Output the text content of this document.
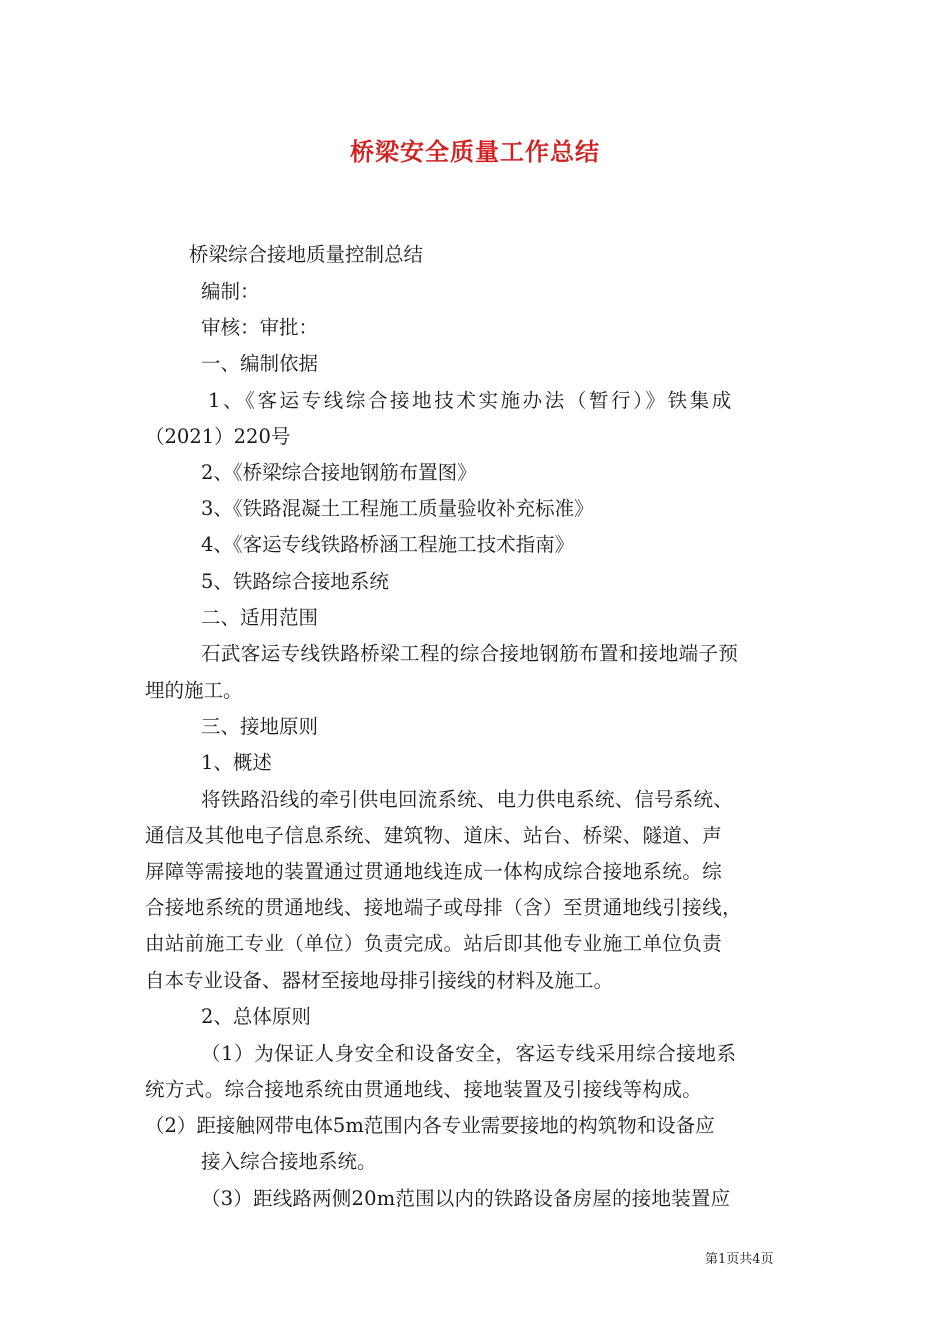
桥梁安全质量工作总结
桥梁综合接地质量控制总结
编制：
审核：审批：
一、编制依据
1、《客运专线综合接地技术实施办法（暂行）》铁集成
（2021）220号
2、《桥梁综合接地钢筋布置图》
3、《铁路混凝土工程施工质量验收补充标准》
4、《客运专线铁路桥涵工程施工技术指南》
5、铁路综合接地系统
二、适用范围
石武客运专线铁路桥梁工程的综合接地钢筋布置和接地端子预
埋的施工。
三、接地原则
1、概述
将铁路沿线的牵引供电回流系统、电力供电系统、信号系统、
通信及其他电子信息系统、建筑物、道床、站台、桥梁、隧道、声
屏障等需接地的装置通过贯通地线连成一体构成综合接地系统。综
合接地系统的贯通地线、接地端子或母排（含）至贯通地线引接线，
由站前施工专业（单位）负责完成。站后即其他专业施工单位负责
自本专业设备、器材至接地母排引接线的材料及施工。
2、总体原则
（1）为保证人身安全和设备安全，客运专线采用综合接地系
统方式。综合接地系统由贯通地线、接地装置及引接线等构成。
（2）距接触网带电体5m范围内各专业需要接地的构筑物和设备应
接入综合接地系统。
（3）距线路两侧20m范围以内的铁路设备房屋的接地装置应
第1页共4页
